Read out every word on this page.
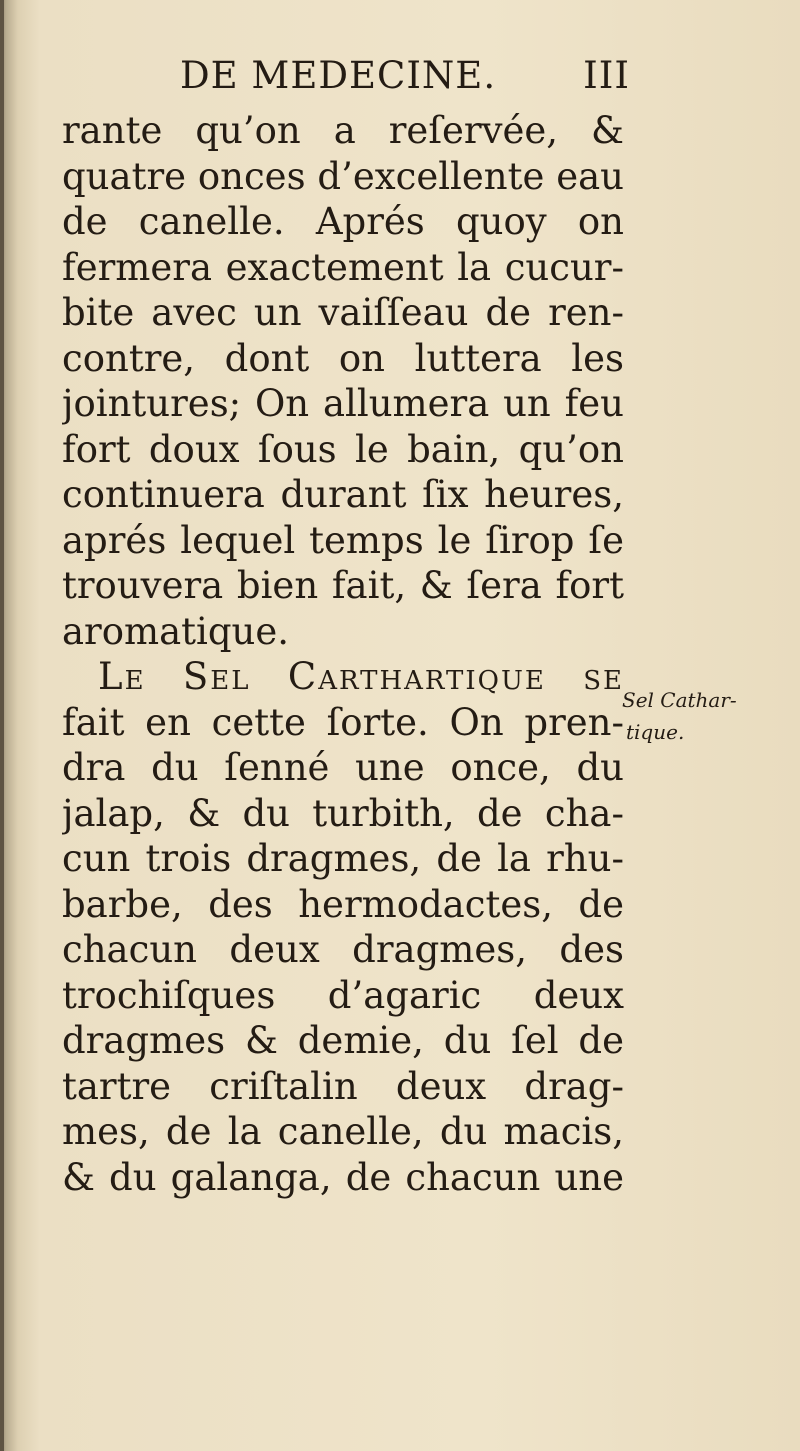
DE MEDECINE. III
rante qu’on a reſervée, &
quatre onces d’excellente eau
de canelle. Aprés quoy on
fermera exactement la cucur-
bite avec un vaiſſeau de ren-
contre, dont on luttera les
jointures; On allumera un feu
fort doux ſous le bain, qu’on
continuera durant ſix heures,
aprés lequel temps le ſirop ſe
trouvera bien fait, & ſera fort
aromatique.
Le Sel Carthartique ſe
fait en cette ſorte. On pren-
dra du ſenné une once, du
jalap, & du turbith, de cha-
cun trois dragmes, de la rhu-
barbe, des hermodactes, de
chacun deux dragmes, des
trochiſques d’agaric deux
dragmes & demie, du ſel de
tartre criſtalin deux drag-
mes, de la canelle, du macis,
& du galanga, de chacun une
Sel Cathar-
tique.
